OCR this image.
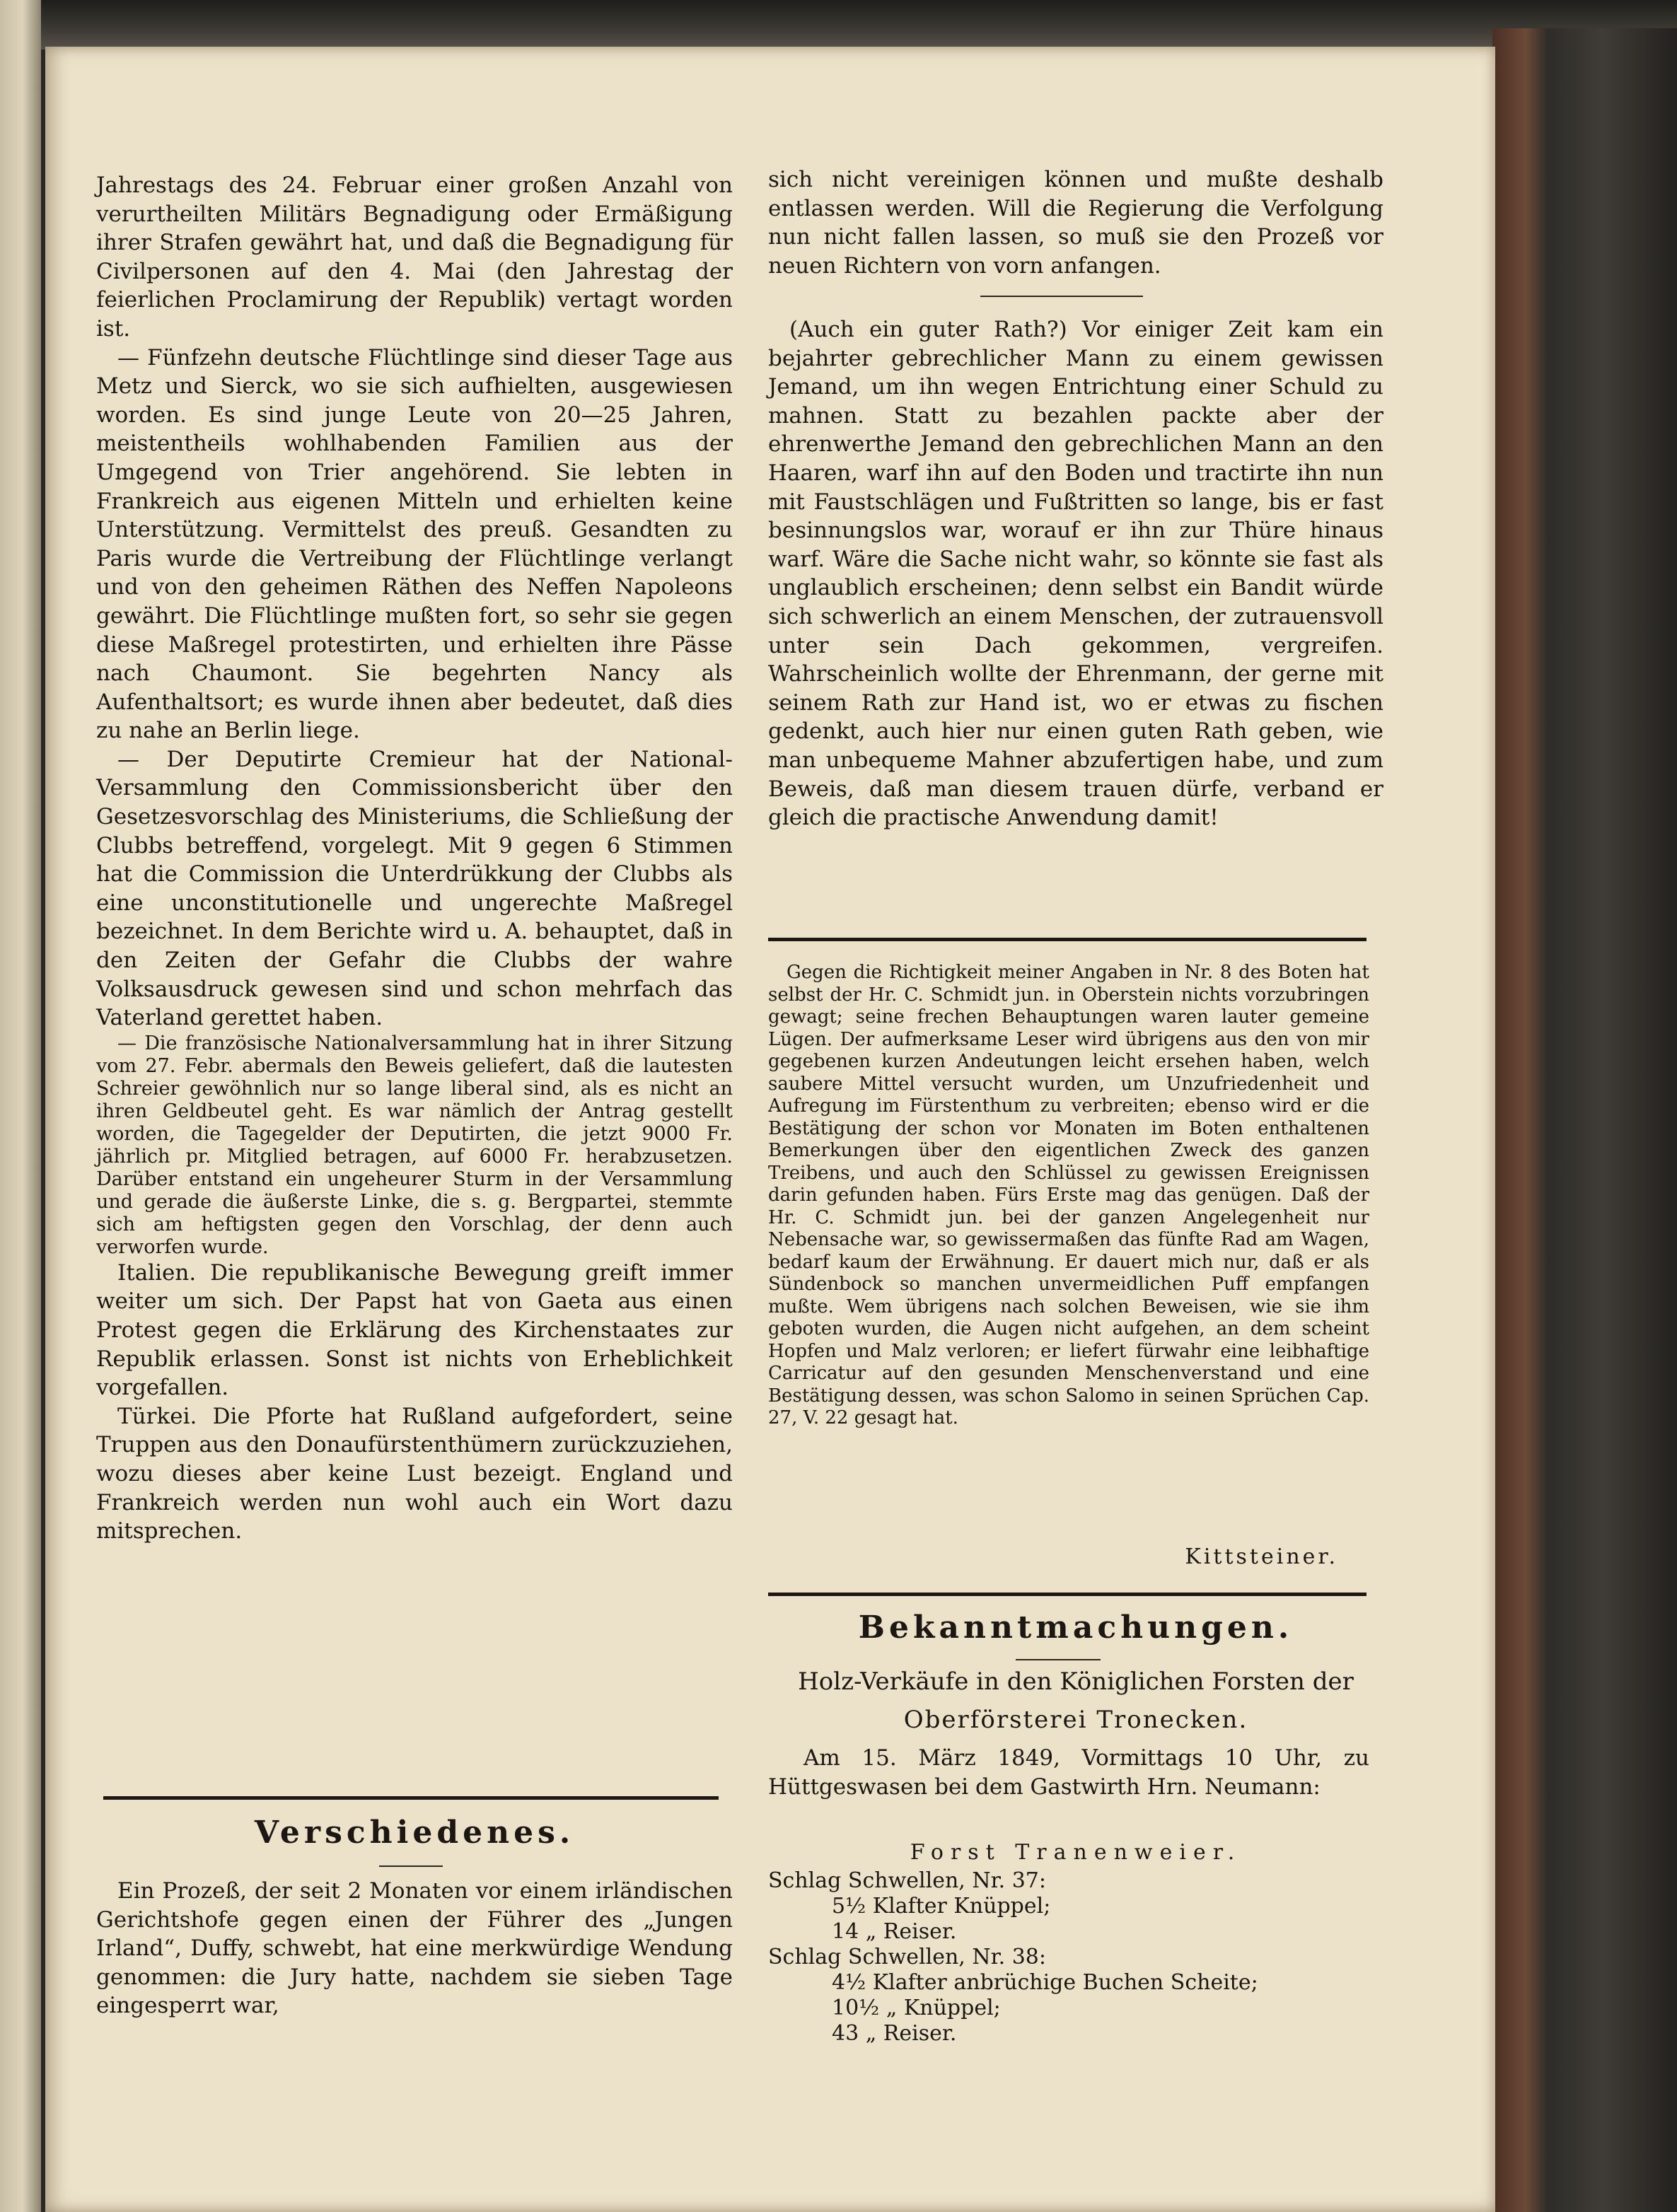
Jahrestags des 24. Februar einer großen Anzahl von verurtheilten Militärs Begnadigung oder Ermäßigung ihrer Strafen gewährt hat, und daß die Begnadigung für Civilpersonen auf den 4. Mai (den Jahrestag der feierlichen Proclamirung der Republik) vertagt worden ist.

— Fünfzehn deutsche Flüchtlinge sind dieser Tage aus Metz und Sierck, wo sie sich aufhielten, ausgewiesen worden. Es sind junge Leute von 20—25 Jahren, meistentheils wohlhabenden Familien aus der Umgegend von Trier angehörend. Sie lebten in Frankreich aus eigenen Mitteln und erhielten keine Unterstützung. Vermittelst des preuß. Gesandten zu Paris wurde die Vertreibung der Flüchtlinge verlangt und von den geheimen Räthen des Neffen Napoleons gewährt. Die Flüchtlinge mußten fort, so sehr sie gegen diese Maßregel protestirten, und erhielten ihre Pässe nach Chaumont. Sie begehrten Nancy als Aufenthaltsort; es wurde ihnen aber bedeutet, daß dies zu nahe an Berlin liege.

— Der Deputirte Cremieur hat der National-Versammlung den Commissionsbericht über den Gesetzesvorschlag des Ministeriums, die Schließung der Clubbs betreffend, vorgelegt. Mit 9 gegen 6 Stimmen hat die Commission die Unterdrükkung der Clubbs als eine unconstitutionelle und ungerechte Maßregel bezeichnet. In dem Berichte wird u. A. behauptet, daß in den Zeiten der Gefahr die Clubbs der wahre Volksausdruck gewesen sind und schon mehrfach das Vaterland gerettet haben.

— Die französische Nationalversammlung hat in ihrer Sitzung vom 27. Febr. abermals den Beweis geliefert, daß die lautesten Schreier gewöhnlich nur so lange liberal sind, als es nicht an ihren Geldbeutel geht. Es war nämlich der Antrag gestellt worden, die Tagegelder der Deputirten, die jetzt 9000 Fr. jährlich pr. Mitglied betragen, auf 6000 Fr. herabzusetzen. Darüber entstand ein ungeheurer Sturm in der Versammlung und gerade die äußerste Linke, die s. g. Bergpartei, stemmte sich am heftigsten gegen den Vorschlag, der denn auch verworfen wurde.

Italien. Die republikanische Bewegung greift immer weiter um sich. Der Papst hat von Gaeta aus einen Protest gegen die Erklärung des Kirchenstaates zur Republik erlassen. Sonst ist nichts von Erheblichkeit vorgefallen.

Türkei. Die Pforte hat Rußland aufgefordert, seine Truppen aus den Donaufürstenthümern zurückzuziehen, wozu dieses aber keine Lust bezeigt. England und Frankreich werden nun wohl auch ein Wort dazu mitsprechen.

Verschiedenes.
Ein Prozeß, der seit 2 Monaten vor einem irländischen Gerichtshofe gegen einen der Führer des „Jungen Irland“, Duffy, schwebt, hat eine merkwürdige Wendung genommen: die Jury hatte, nachdem sie sieben Tage eingesperrt war,
sich nicht vereinigen können und mußte deshalb entlassen werden. Will die Regierung die Verfolgung nun nicht fallen lassen, so muß sie den Prozeß vor neuen Richtern von vorn anfangen.
(Auch ein guter Rath?) Vor einiger Zeit kam ein bejahrter gebrechlicher Mann zu einem gewissen Jemand, um ihn wegen Entrichtung einer Schuld zu mahnen. Statt zu bezahlen packte aber der ehrenwerthe Jemand den gebrechlichen Mann an den Haaren, warf ihn auf den Boden und tractirte ihn nun mit Faustschlägen und Fußtritten so lange, bis er fast besinnungslos war, worauf er ihn zur Thüre hinaus warf. Wäre die Sache nicht wahr, so könnte sie fast als unglaublich erscheinen; denn selbst ein Bandit würde sich schwerlich an einem Menschen, der zutrauensvoll unter sein Dach gekommen, vergreifen. Wahrscheinlich wollte der Ehrenmann, der gerne mit seinem Rath zur Hand ist, wo er etwas zu fischen gedenkt, auch hier nur einen guten Rath geben, wie man unbequeme Mahner abzufertigen habe, und zum Beweis, daß man diesem trauen dürfe, verband er gleich die practische Anwendung damit!
Gegen die Richtigkeit meiner Angaben in Nr. 8 des Boten hat selbst der Hr. C. Schmidt jun. in Oberstein nichts vorzubringen gewagt; seine frechen Behauptungen waren lauter gemeine Lügen. Der aufmerksame Leser wird übrigens aus den von mir gegebenen kurzen Andeutungen leicht ersehen haben, welch saubere Mittel versucht wurden, um Unzufriedenheit und Aufregung im Fürstenthum zu verbreiten; ebenso wird er die Bestätigung der schon vor Monaten im Boten enthaltenen Bemerkungen über den eigentlichen Zweck des ganzen Treibens, und auch den Schlüssel zu gewissen Ereignissen darin gefunden haben. Fürs Erste mag das genügen. Daß der Hr. C. Schmidt jun. bei der ganzen Angelegenheit nur Nebensache war, so gewissermaßen das fünfte Rad am Wagen, bedarf kaum der Erwähnung. Er dauert mich nur, daß er als Sündenbock so manchen unvermeidlichen Puff empfangen mußte. Wem übrigens nach solchen Beweisen, wie sie ihm geboten wurden, die Augen nicht aufgehen, an dem scheint Hopfen und Malz verloren; er liefert fürwahr eine leibhaftige Carricatur auf den gesunden Menschenverstand und eine Bestätigung dessen, was schon Salomo in seinen Sprüchen Cap. 27, V. 22 gesagt hat.
Kittsteiner.
Bekanntmachungen.
Holz-Verkäufe in den Königlichen Forsten der
Oberförsterei Tronecken.
Am 15. März 1849, Vormittags 10 Uhr, zu Hüttgeswasen bei dem Gastwirth Hrn. Neumann:
Forst Tranenweier.
Schlag Schwellen, Nr. 37:
5½ Klafter Knüppel;
14 „ Reiser.
Schlag Schwellen, Nr. 38:
4½ Klafter anbrüchige Buchen Scheite;
10½ „ Knüppel;
43 „ Reiser.
